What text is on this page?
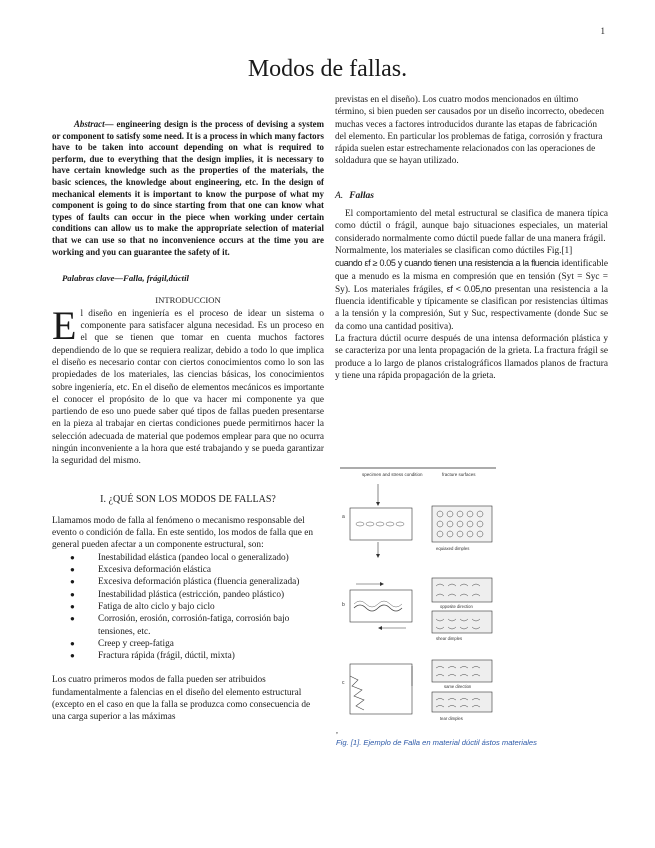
1
Modos de fallas.

Abstract— engineering design is the process of devising a system or component to satisfy some need. It is a process in which many factors have to be taken into account depending on what is required to perform, due to everything that the design implies, it is necessary to have certain knowledge such as the properties of the materials, the basic sciences, the knowledge about engineering, etc. In the design of mechanical elements it is important to know the purpose of what my component is going to do since starting from that one can know what types of faults can occur in the piece when working under certain conditions can allow us to make the appropriate selection of material that we can use so that no inconvenience occurs at the time you are working and you can guarantee the safety of it.

Palabras clave—Falla, frágil,dúctil
INTRODUCCION

El diseño en ingeniería es el proceso de idear un sistema o componente para satisfacer alguna necesidad. Es un proceso en el que se tienen que tomar en cuenta muchos factores dependiendo de lo que se requiera realizar, debido a todo lo que implica el diseño es necesario contar con ciertos conocimientos como lo son las propiedades de los materiales, las ciencias básicas, los conocimientos sobre ingeniería, etc. En el diseño de elementos mecánicos es importante el conocer el propósito de lo que va hacer mi componente ya que partiendo de eso uno puede saber qué tipos de fallas pueden presentarse en la pieza al trabajar en ciertas condiciones puede permitirnos hacer la selección adecuada de material que podemos emplear para que no ocurra ningún inconveniente a la hora que esté trabajando y se pueda garantizar la seguridad del mismo.

I. ¿QUÉ SON LOS MODOS DE FALLAS?

Llamamos modo de falla al fenómeno o mecanismo responsable del evento o condición de falla. En este sentido, los modos de falla que en general pueden afectar a un componente estructural, son:

● Inestabilidad elástica (pandeo local o generalizado)
● Excesiva deformación elástica
● Excesiva deformación plástica (fluencia generalizada)
● Inestabilidad plástica (estricción, pandeo plástico)
● Fatiga de alto ciclo y bajo ciclo
● Corrosión, erosión, corrosión-fatiga, corrosión bajo tensiones, etc.
● Creep y creep-fatiga
● Fractura rápida (frágil, dúctil, mixta)

Los cuatro primeros modos de falla pueden ser atribuidos fundamentalmente a falencias en el diseño del elemento estructural (excepto en el caso en que la falla se produzca como consecuencia de una carga superior a las máximas

previstas en el diseño). Los cuatro modos mencionados en último término, si bien pueden ser causados por un diseño incorrecto, obedecen muchas veces a factores introducidos durante las etapas de fabricación del elemento. En particular los problemas de fatiga, corrosión y fractura rápida suelen estar estrechamente relacionados con las operaciones de soldadura que se hayan utilizado.

A. Fallas

El comportamiento del metal estructural se clasifica de manera típica como dúctil o frágil, aunque bajo situaciones especiales, un material considerado normalmente como dúctil puede fallar de una manera frágil.

Normalmente, los materiales se clasifican como dúctiles Fig.[1]
cuando εf ≥ 0.05 y cuando tienen una resistencia a la fluencia identificable que a menudo es la misma en compresión que en tensión (Syt = Syc = Sy). Los materiales frágiles, εf < 0.05,no presentan una resistencia a la fluencia identificable y típicamente se clasifican por resistencias últimas a la tensión y la compresión, Sut y Suc, respectivamente (donde Suc se da como una cantidad positiva).

La fractura dúctil ocurre después de una intensa deformación plástica y se caracteriza por una lenta propagación de la grieta. La fractura frágil se produce a lo largo de planos cristalográficos llamados planos de fractura y tiene una rápida propagación de la grieta.

specimen and stress condition	fracture surfaces
a
equiaxed dimples
b	opposite direction
shear dimples
c
same direction
tear dimples
,
Fig. [1]. Ejemplo de Falla en material dúctil ástos materiales
